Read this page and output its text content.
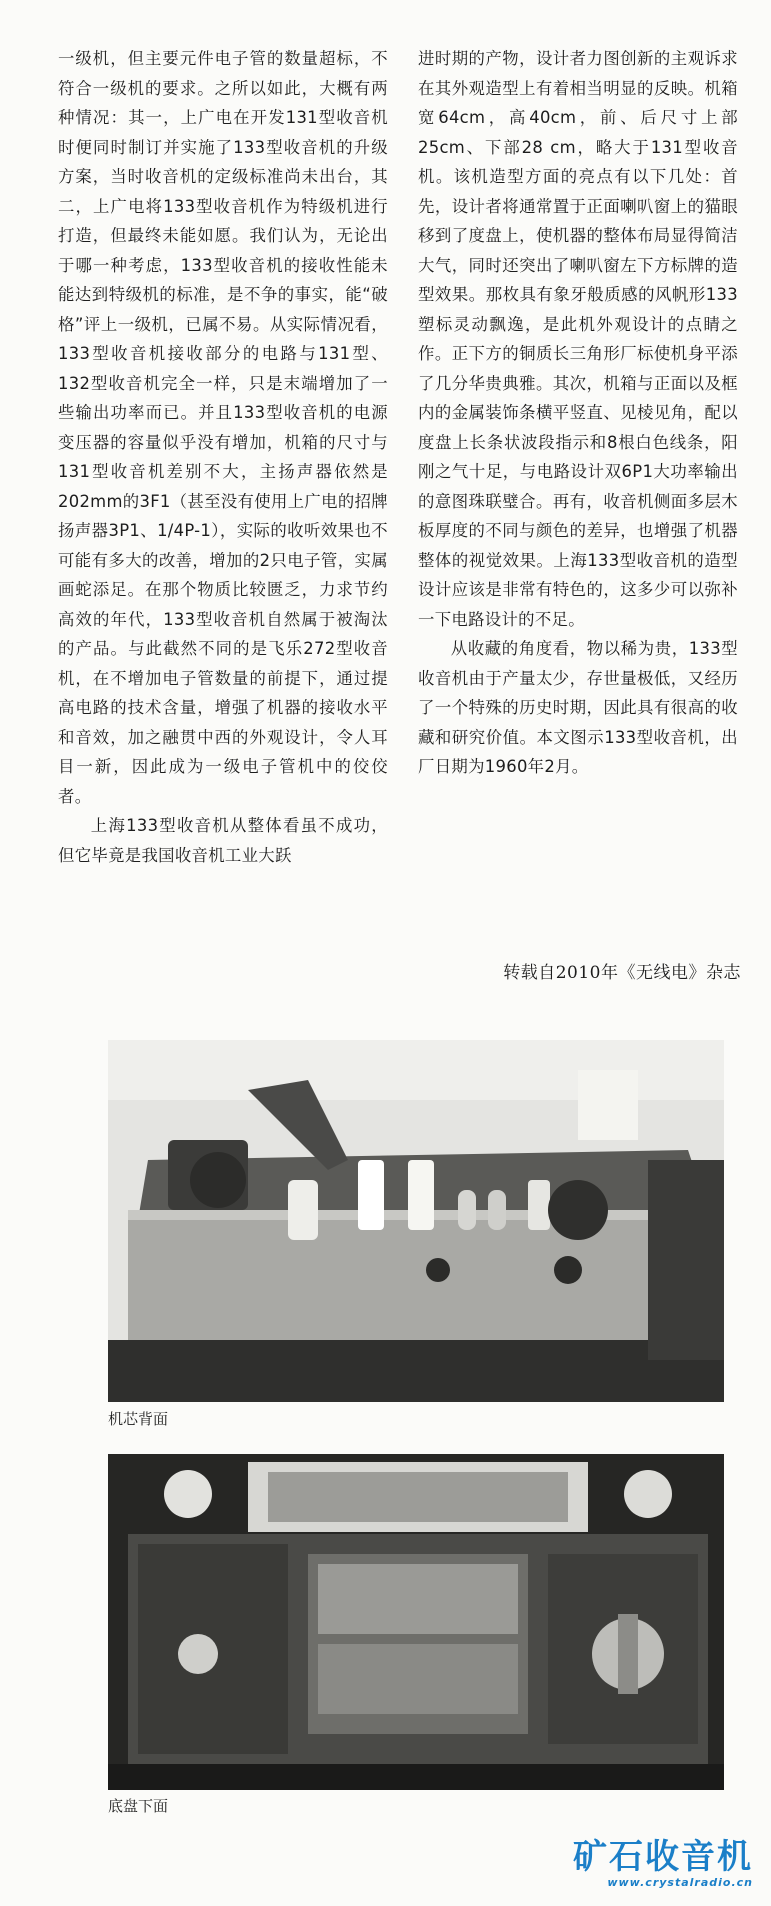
一级机，但主要元件电子管的数量超标，不符合一级机的要求。之所以如此，大概有两种情况：其一，上广电在开发131型收音机时便同时制订并实施了133型收音机的升级方案，当时收音机的定级标准尚未出台，其二，上广电将133型收音机作为特级机进行打造，但最终未能如愿。我们认为，无论出于哪一种考虑，133型收音机的接收性能未能达到特级机的标准，是不争的事实，能“破格”评上一级机，已属不易。从实际情况看，133型收音机接收部分的电路与131型、132型收音机完全一样，只是末端增加了一些输出功率而已。并且133型收音机的电源变压器的容量似乎没有增加，机箱的尺寸与131型收音机差别不大，主扬声器依然是202mm的3F1（甚至没有使用上广电的招牌扬声器3P1、1/4P-1），实际的收听效果也不可能有多大的改善，增加的2只电子管，实属画蛇添足。在那个物质比较匮乏，力求节约高效的年代，133型收音机自然属于被淘汰的产品。与此截然不同的是飞乐272型收音机，在不增加电子管数量的前提下，通过提高电路的技术含量，增强了机器的接收水平和音效，加之融贯中西的外观设计，令人耳目一新，因此成为一级电子管机中的佼佼者。

上海133型收音机从整体看虽不成功，但它毕竟是我国收音机工业大跃

进时期的产物，设计者力图创新的主观诉求在其外观造型上有着相当明显的反映。机箱宽64cm，高40cm，前、后尺寸上部25cm、下部28 cm，略大于131型收音机。该机造型方面的亮点有以下几处：首先，设计者将通常置于正面喇叭窗上的猫眼移到了度盘上，使机器的整体布局显得简洁大气，同时还突出了喇叭窗左下方标牌的造型效果。那枚具有象牙般质感的风帆形133塑标灵动飘逸，是此机外观设计的点睛之作。正下方的铜质长三角形厂标使机身平添了几分华贵典雅。其次，机箱与正面以及框内的金属装饰条横平竖直、见棱见角，配以度盘上长条状波段指示和8根白色线条，阳刚之气十足，与电路设计双6P1大功率输出的意图珠联璧合。再有，收音机侧面多层木板厚度的不同与颜色的差异，也增强了机器整体的视觉效果。上海133型收音机的造型设计应该是非常有特色的，这多少可以弥补一下电路设计的不足。

从收藏的角度看，物以稀为贵，133型收音机由于产量太少，存世量极低，又经历了一个特殊的历史时期，因此具有很高的收藏和研究价值。本文图示133型收音机，出厂日期为1960年2月。

转载自2010年《无线电》杂志
机芯背面
底盘下面
矿石收音机
www.crystalradio.cn
